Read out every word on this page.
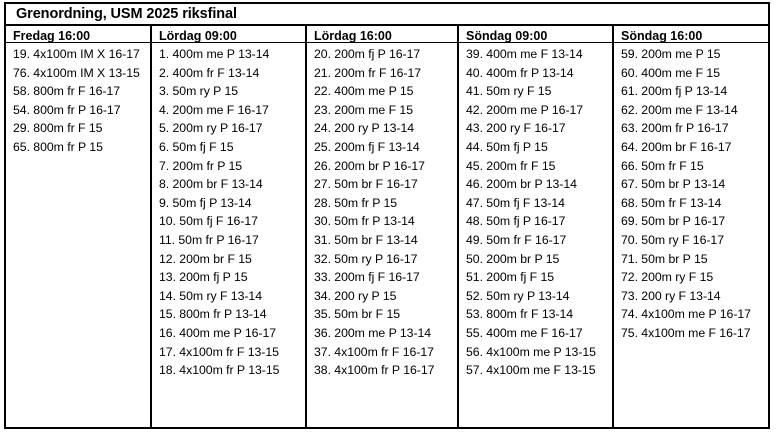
Grenordning, USM 2025 riksfinal
Fredag 16:00
19. 4x100m IM X 16-17
76. 4x100m IM X 13-15
58. 800m fr F 16-17
54. 800m fr P 16-17
29. 800m fr F 15
65. 800m fr P 15
Lördag 09:00
1. 400m me P 13-14
2. 400m fr F 13-14
3. 50m ry P 15
4. 200m me F 16-17
5. 200m ry P 16-17
6. 50m fj F 15
7. 200m fr P 15
8. 200m br F 13-14
9. 50m fj P 13-14
10. 50m fj F 16-17
11. 50m fr P 16-17
12. 200m br F 15
13. 200m fj P 15
14. 50m ry F 13-14
15. 800m fr P 13-14
16. 400m me P 16-17
17. 4x100m fr F 13-15
18. 4x100m fr P 13-15
Lördag 16:00
20. 200m fj P 16-17
21. 200m fr F 16-17
22. 400m me P 15
23. 200m me F 15
24. 200 ry P 13-14
25. 200m fj F 13-14
26. 200m br P 16-17
27. 50m br F 16-17
28. 50m fr P 15
30. 50m fr P 13-14
31. 50m br F 13-14
32. 50m ry P 16-17
33. 200m fj F 16-17
34. 200 ry P 15
35. 50m br F 15
36. 200m me P 13-14
37. 4x100m fr F 16-17
38. 4x100m fr P 16-17
Söndag 09:00
39. 400m me F 13-14
40. 400m fr P 13-14
41. 50m ry F 15
42. 200m me P 16-17
43. 200 ry F 16-17
44. 50m fj P 15
45. 200m fr F 15
46. 200m br P 13-14
47. 50m fj F 13-14
48. 50m fj P 16-17
49. 50m fr F 16-17
50. 200m br P 15
51. 200m fj F 15
52. 50m ry P 13-14
53. 800m fr F 13-14
55. 400m me F 16-17
56. 4x100m me P 13-15
57. 4x100m me F 13-15
Söndag 16:00
59. 200m me P 15
60. 400m me F 15
61. 200m fj P 13-14
62. 200m me F 13-14
63. 200m fr P 16-17
64. 200m br F 16-17
66. 50m fr F 15
67. 50m br P 13-14
68. 50m fr F 13-14
69. 50m br P 16-17
70. 50m ry F 16-17
71. 50m br P 15
72. 200m ry F 15
73. 200 ry F 13-14
74. 4x100m me P 16-17
75. 4x100m me F 16-17
